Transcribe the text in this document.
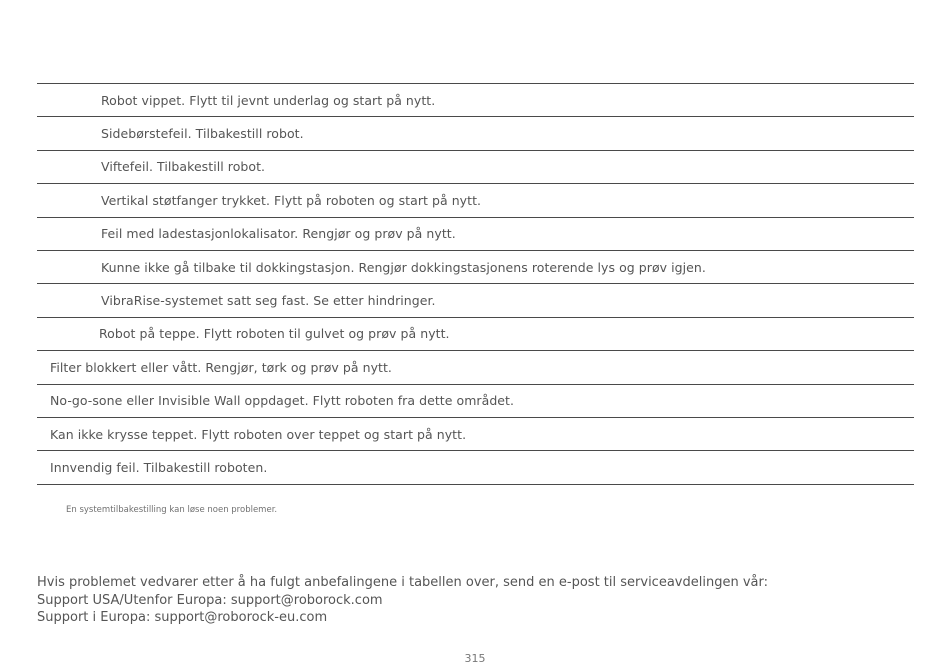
Robot vippet. Flytt til jevnt underlag og start på nytt.
Sidebørstefeil. Tilbakestill robot.
Viftefeil. Tilbakestill robot.
Vertikal støtfanger trykket. Flytt på roboten og start på nytt.
Feil med ladestasjonlokalisator. Rengjør og prøv på nytt.
Kunne ikke gå tilbake til dokkingstasjon. Rengjør dokkingstasjonens roterende lys og prøv igjen.
VibraRise-systemet satt seg fast. Se etter hindringer.
Robot på teppe. Flytt roboten til gulvet og prøv på nytt.
Filter blokkert eller vått. Rengjør, tørk og prøv på nytt.
No-go-sone eller Invisible Wall oppdaget. Flytt roboten fra dette området.
Kan ikke krysse teppet. Flytt roboten over teppet og start på nytt.
Innvendig feil. Tilbakestill roboten.
En systemtilbakestilling kan løse noen problemer.
Hvis problemet vedvarer etter å ha fulgt anbefalingene i tabellen over, send en e-post til serviceavdelingen vår:
Support USA/Utenfor Europa: support@roborock.com
Support i Europa: support@roborock-eu.com
315
